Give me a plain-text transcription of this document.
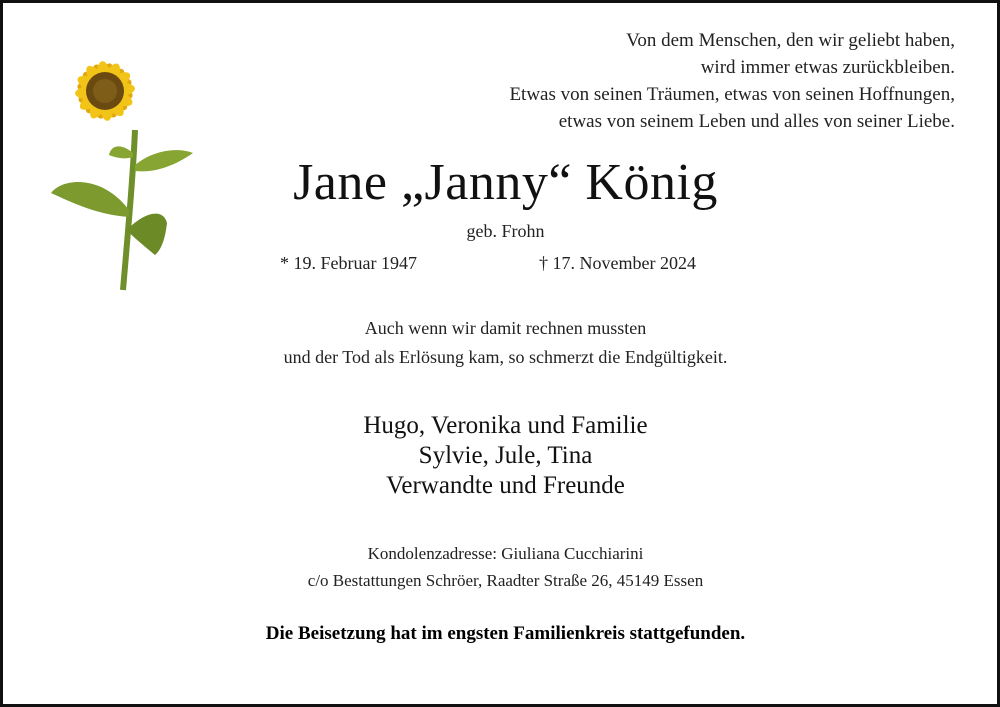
Von dem Menschen, den wir geliebt haben,
wird immer etwas zurückbleiben.
Etwas von seinen Träumen, etwas von seinen Hoffnungen,
etwas von seinem Leben und alles von seiner Liebe.
Jane „Janny“ König
geb. Frohn
* 19. Februar 1947	† 17. November 2024
Auch wenn wir damit rechnen mussten
und der Tod als Erlösung kam, so schmerzt die Endgültigkeit.
Hugo, Veronika und Familie
Sylvie, Jule, Tina
Verwandte und Freunde
Kondolenzadresse: Giuliana Cucchiarini
c/o Bestattungen Schröer, Raadter Straße 26, 45149 Essen
Die Beisetzung hat im engsten Familienkreis stattgefunden.
